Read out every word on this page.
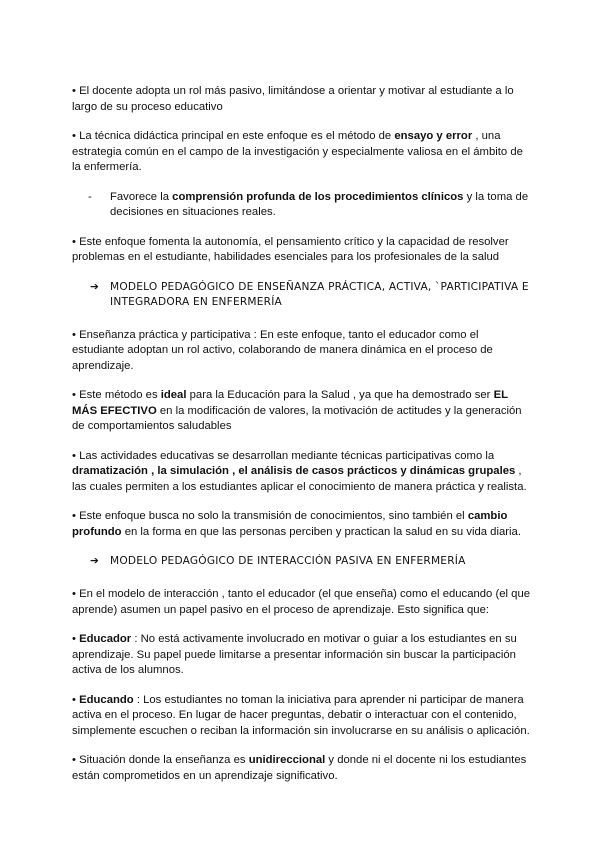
• El docente adopta un rol más pasivo, limitándose a orientar y motivar al estudiante a lo largo de su proceso educativo

• La técnica didáctica principal en este enfoque es el método de ensayo y error , una estrategia común en el campo de la investigación y especialmente valiosa en el ámbito de la enfermería.

-	Favorece la comprensión profunda de los procedimientos clínicos y la toma de decisiones en situaciones reales.

• Este enfoque fomenta la autonomía, el pensamiento crítico y la capacidad de resolver problemas en el estudiante, habilidades esenciales para los profesionales de la salud

➔	MODELO PEDAGÓGICO DE ENSEÑANZA PRÁCTICA, ACTIVA, `PARTICIPATIVA E INTEGRADORA EN ENFERMERÍA

• Enseñanza práctica y participativa : En este enfoque, tanto el educador como el estudiante adoptan un rol activo, colaborando de manera dinámica en el proceso de aprendizaje.

• Este método es ideal para la Educación para la Salud , ya que ha demostrado ser EL MÁS EFECTIVO en la modificación de valores, la motivación de actitudes y la generación de comportamientos saludables

• Las actividades educativas se desarrollan mediante técnicas participativas como la dramatización , la simulación , el análisis de casos prácticos y dinámicas grupales , las cuales permiten a los estudiantes aplicar el conocimiento de manera práctica y realista.

• Este enfoque busca no solo la transmisión de conocimientos, sino también el cambio profundo en la forma en que las personas perciben y practican la salud en su vida diaria.

➔	MODELO PEDAGÓGICO DE INTERACCIÓN PASIVA EN ENFERMERÍA

• En el modelo de interacción , tanto el educador (el que enseña) como el educando (el que aprende) asumen un papel pasivo en el proceso de aprendizaje. Esto significa que:

• Educador : No está activamente involucrado en motivar o guiar a los estudiantes en su aprendizaje. Su papel puede limitarse a presentar información sin buscar la participación activa de los alumnos.

• Educando : Los estudiantes no toman la iniciativa para aprender ni participar de manera activa en el proceso. En lugar de hacer preguntas, debatir o interactuar con el contenido, simplemente escuchen o reciban la información sin involucrarse en su análisis o aplicación.

• Situación donde la enseñanza es unidireccional y donde ni el docente ni los estudiantes están comprometidos en un aprendizaje significativo.
